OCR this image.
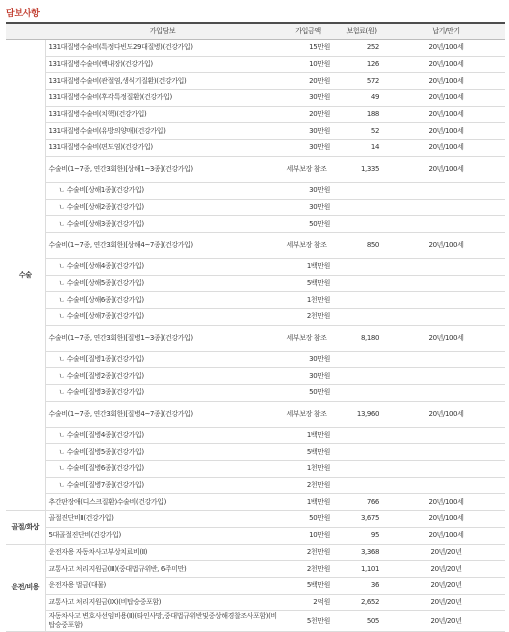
담보사항
	가입담보	가입금액	보험료(원)	납기/만기
수술	131대질병수술비(특정다빈도29대질병)(건강가입)	15만원	252	20년/100세
	131대질병수술비(백내장)(건강가입)	10만원	126	20년/100세
	131대질병수술비(관절염,생식기질환)(건강가입)	20만원	572	20년/100세
	131대질병수술비(후각특정질환)(건강가입)	30만원	49	20년/100세
	131대질병수술비(치핵)(건강가입)	20만원	188	20년/100세
	131대질병수술비(유방의양매)(건강가입)	30만원	52	20년/100세
	131대질병수술비(편도염)(건강가입)	30만원	14	20년/100세
	수술비(1~7종, 연간3회한)[상해1~3종](건강가입)	세부보장 참조	1,335	20년/100세
	ㄴ 수술비[상해1종](건강가입)	30만원		
	ㄴ 수술비[상해2종](건강가입)	30만원		
	ㄴ 수술비[상해3종](건강가입)	50만원		
	수술비(1~7종, 연간3회한)[상해4~7종](건강가입)	세부보장 참조	850	20년/100세
	ㄴ 수술비[상해4종](건강가입)	1백만원		
	ㄴ 수술비[상해5종](건강가입)	5백만원		
	ㄴ 수술비[상해6종](건강가입)	1천만원		
	ㄴ 수술비[상해7종](건강가입)	2천만원		
	수술비(1~7종, 연간3회한)[질병1~3종](건강가입)	세부보장 참조	8,180	20년/100세
	ㄴ 수술비[질병1종](건강가입)	30만원		
	ㄴ 수술비[질병2종](건강가입)	30만원		
	ㄴ 수술비[질병3종](건강가입)	50만원		
	수술비(1~7종, 연간3회한)[질병4~7종](건강가입)	세부보장 참조	13,960	20년/100세
	ㄴ 수술비[질병4종](건강가입)	1백만원		
	ㄴ 수술비[질병5종](건강가입)	5백만원		
	ㄴ 수술비[질병6종](건강가입)	1천만원		
	ㄴ 수술비[질병7종](건강가입)	2천만원		
	추간판장애(디스크질환)수술비(건강가입)	1백만원	766	20년/100세
골절/화상	골절진단비Ⅱ(건강가입)	50만원	3,675	20년/100세
	5대골절진단비(건강가입)	10만원	95	20년/100세
운전/비용	운전자용 자동차사고부상치료비(Ⅱ)	2천만원	3,368	20년/20년
	교통사고 처리지원금(Ⅲ)(중대법규위반, 6주미만)	2천만원	1,101	20년/20년
	운전자용 벌금(대물)	5백만원	36	20년/20년
	교통사고 처리지원금(Ⅸ)(비탑승중포함)	2억원	2,652	20년/20년
	자동차사고 변호사선임비용(Ⅱ)(타인사망,중대법규위반및중상해경찰조사포함)(비탑승중포함)	5천만원	505	20년/20년
